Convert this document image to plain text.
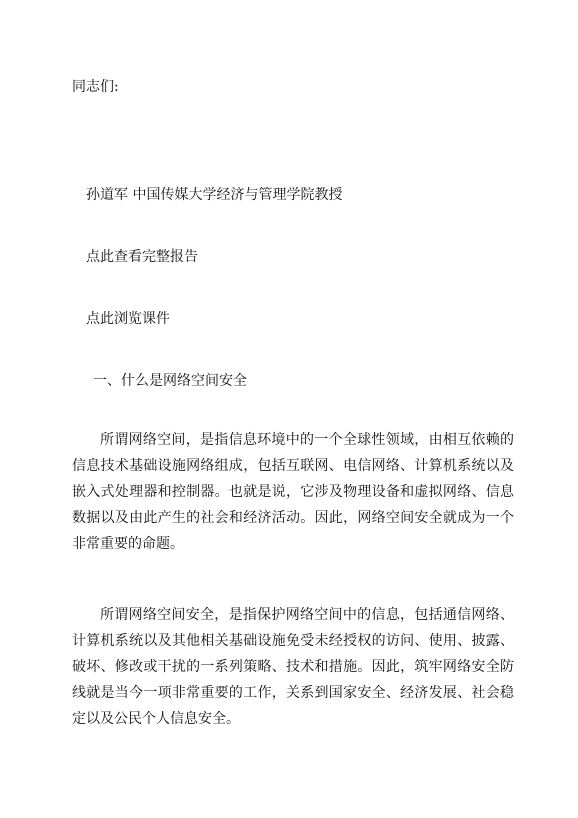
同志们:
孙道军 中国传媒大学经济与管理学院教授
点此查看完整报告
点此浏览课件
一、什么是网络空间安全
所谓网络空间，是指信息环境中的一个全球性领域，由相互依赖的信息技术基础设施网络组成，包括互联网、电信网络、计算机系统以及嵌入式处理器和控制器。也就是说，它涉及物理设备和虚拟网络、信息数据以及由此产生的社会和经济活动。因此，网络空间安全就成为一个非常重要的命题。
所谓网络空间安全，是指保护网络空间中的信息，包括通信网络、计算机系统以及其他相关基础设施免受未经授权的访问、使用、披露、破坏、修改或干扰的一系列策略、技术和措施。因此，筑牢网络安全防线就是当今一项非常重要的工作，关系到国家安全、经济发展、社会稳定以及公民个人信息安全。
